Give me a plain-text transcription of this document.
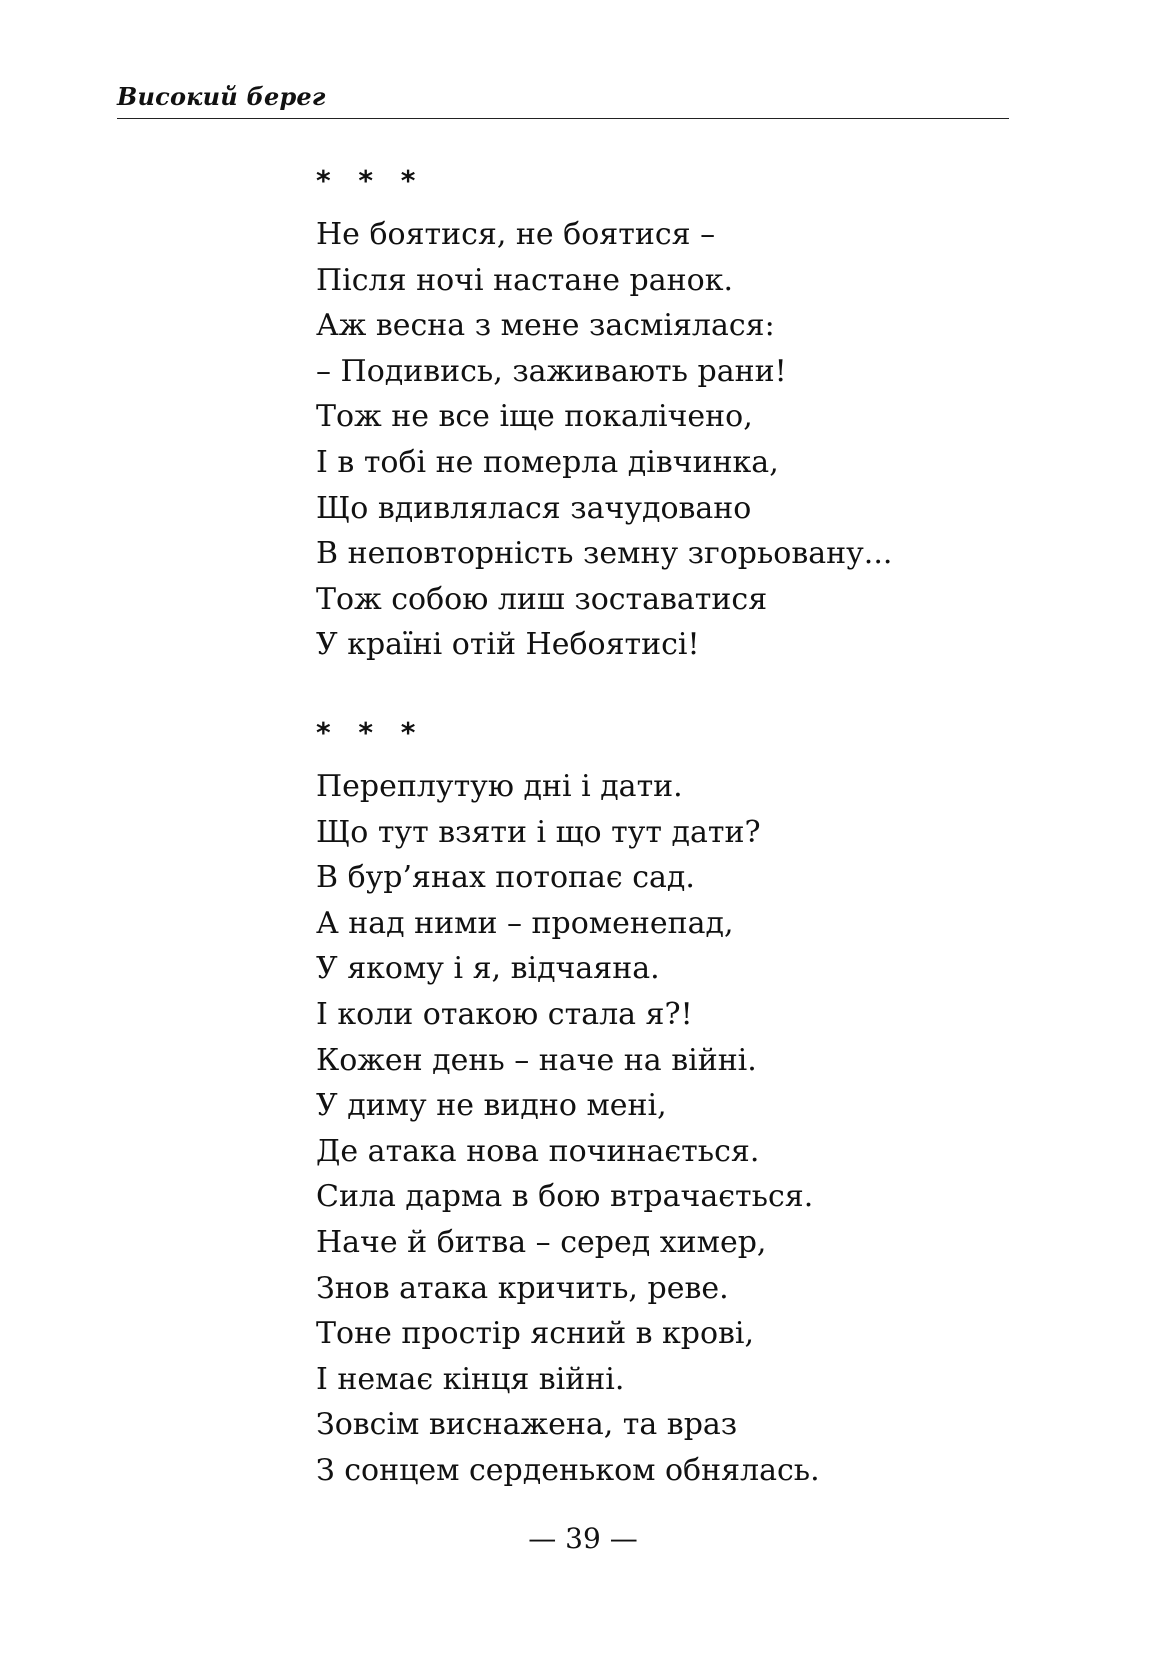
Високий берег
* * *
Не боятися, не боятися –
Після ночі настане ранок.
Аж весна з мене засміялася:
– Подивись, заживають рани!
Тож не все іще покалічено,
І в тобі не померла дівчинка,
Що вдивлялася зачудовано
В неповторність земну згорьовану...
Тож собою лиш зоставатися
У країні отій Небоятисі!
* * *
Переплутую дні і дати.
Що тут взяти і що тут дати?
В бур’янах потопає сад.
А над ними – променепад,
У якому і я, відчаяна.
І коли отакою стала я?!
Кожен день – наче на війні.
У диму не видно мені,
Де атака нова починається.
Сила дарма в бою втрачається.
Наче й битва – серед химер,
Знов атака кричить, реве.
Тоне простір ясний в крові,
І немає кінця війні.
Зовсім виснажена, та враз
З сонцем серденьком обнялась.
— 39 —
